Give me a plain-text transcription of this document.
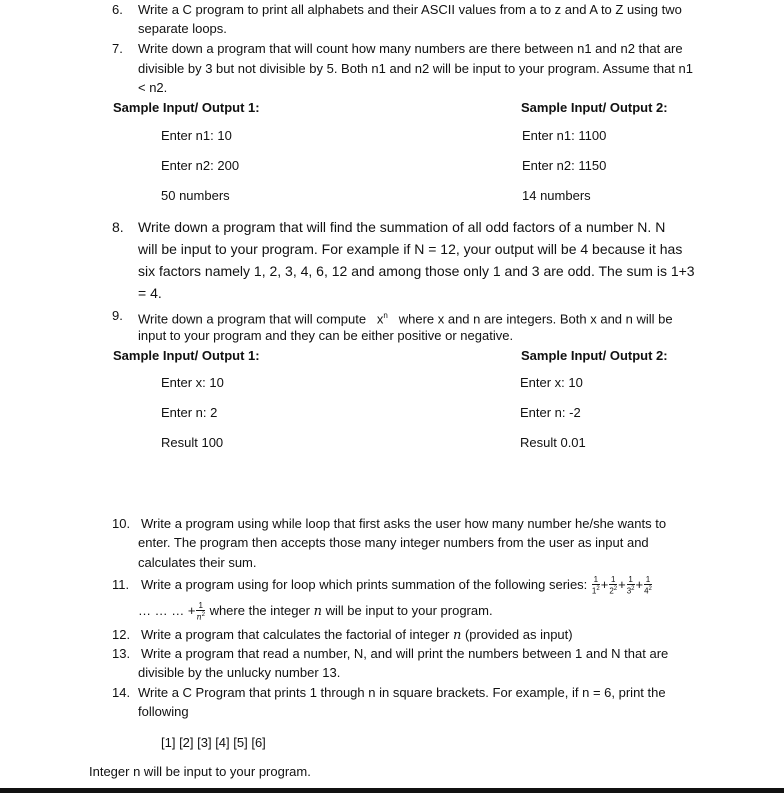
6. Write a C program to print all alphabets and their ASCII values from a to z and A to Z using two
separate loops.
7. Write down a program that will count how many numbers are there between n1 and n2 that are
divisible by 3 but not divisible by 5. Both n1 and n2 will be input to your program. Assume that n1
< n2.
Sample Input/ Output 1:	Sample Input/ Output 2:
Enter n1: 10
Enter n2: 200
50 numbers
Enter n1: 1100
Enter n2: 1150
14 numbers
8. Write down a program that will find the summation of all odd factors of a number N. N
will be input to your program. For example if N = 12, your output will be 4 because it has
six factors namely 1, 2, 3, 4, 6, 12 and among those only 1 and 3 are odd. The sum is 1+3
= 4.
9. Write down a program that will compute $x^n$ where x and n are integers. Both x and n will be
input to your program and they can be either positive or negative.
Sample Input/ Output 1:	Sample Input/ Output 2:
Enter x: 10
Enter n: 2
Result 100
Enter x: 10
Enter n: -2
Result 0.01
10. Write a program using while loop that first asks the user how many number he/she wants to
enter. The program then accepts those many integer numbers from the user as input and
calculates their sum.
11. Write a program using for loop which prints summation of the following series: $\frac{1}{1^2} + \frac{1}{2^2} + \frac{1}{3^2} + \frac{1}{4^2}$
… … … + $\frac{1}{n^2}$ where the integer n will be input to your program.
12. Write a program that calculates the factorial of integer n (provided as input)
13. Write a program that read a number, N, and will print the numbers between 1 and N that are
divisible by the unlucky number 13.
14. Write a C Program that prints 1 through n in square brackets. For example, if n = 6, print the
following
[1] [2] [3] [4] [5] [6]
Integer n will be input to your program.
